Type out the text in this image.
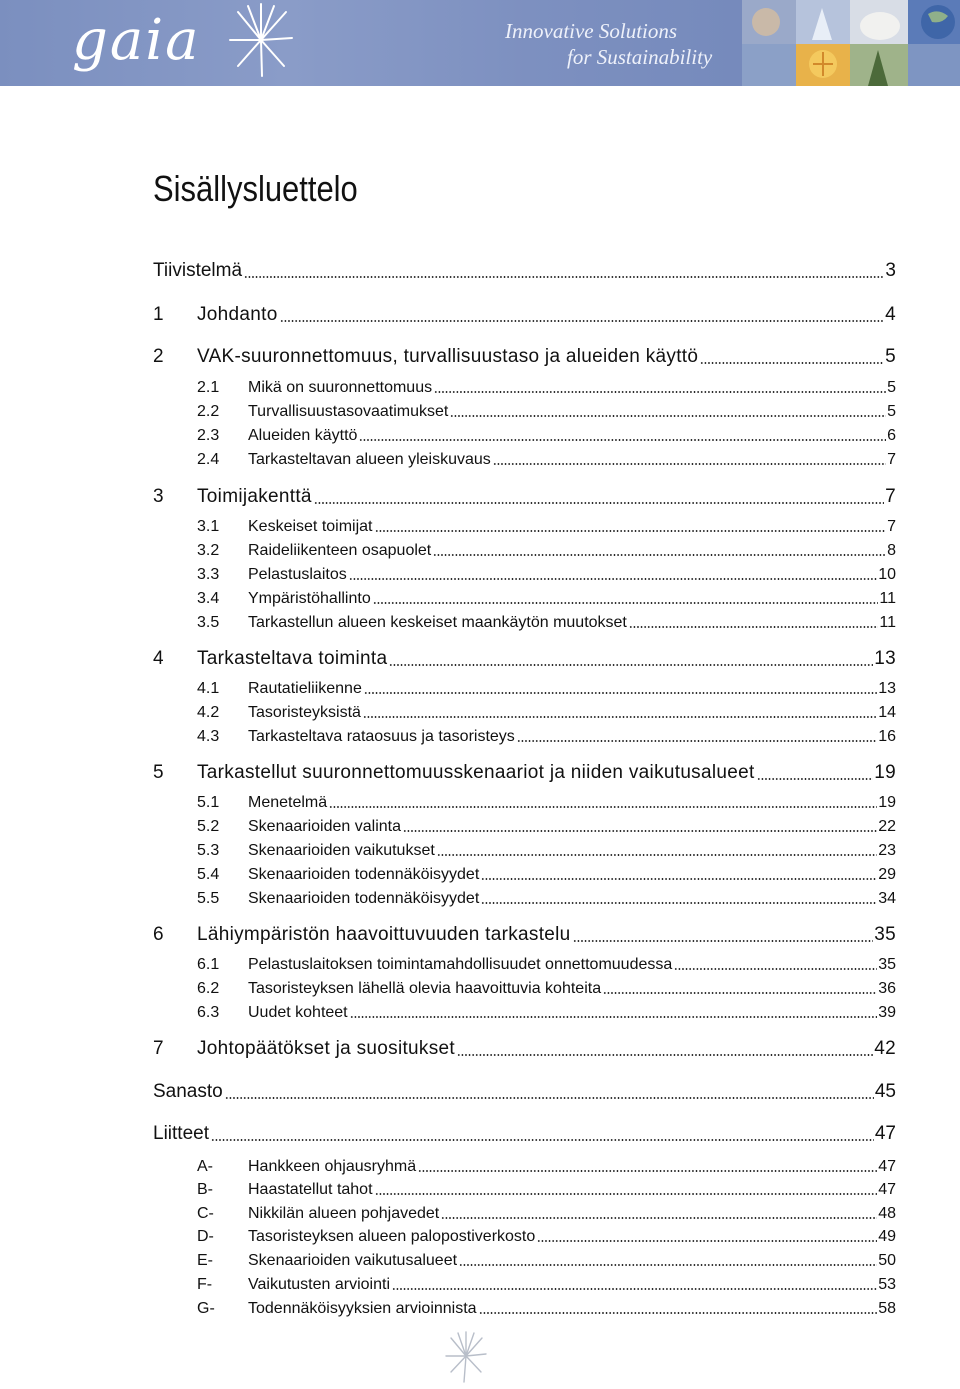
gaia	Innovative Solutions
for Sustainability
Sisällysluettelo
Tiivistelmä	3
1	Johdanto	4
2	VAK-suuronnettomuus, turvallisuustaso ja alueiden käyttö	5
2.1	Mikä on suuronnettomuus	5
2.2	Turvallisuustasovaatimukset	5
2.3	Alueiden käyttö	6
2.4	Tarkasteltavan alueen yleiskuvaus	7
3	Toimijakenttä	7
3.1	Keskeiset toimijat	7
3.2	Raideliikenteen osapuolet	8
3.3	Pelastuslaitos	10
3.4	Ympäristöhallinto	11
3.5	Tarkastellun alueen keskeiset maankäytön muutokset	11
4	Tarkasteltava toiminta	13
4.1	Rautatieliikenne	13
4.2	Tasoristeyksistä	14
4.3	Tarkasteltava rataosuus ja tasoristeys	16
5	Tarkastellut suuronnettomuusskenaariot ja niiden vaikutusalueet	19
5.1	Menetelmä	19
5.2	Skenaarioiden valinta	22
5.3	Skenaarioiden vaikutukset	23
5.4	Skenaarioiden todennäköisyydet	29
5.5	Skenaarioiden todennäköisyydet	34
6	Lähiympäristön haavoittuvuuden tarkastelu	35
6.1	Pelastuslaitoksen toimintamahdollisuudet onnettomuudessa	35
6.2	Tasoristeyksen lähellä olevia haavoittuvia kohteita	36
6.3	Uudet kohteet	39
7	Johtopäätökset ja suositukset	42
Sanasto	45
Liitteet	47
A-	Hankkeen ohjausryhmä	47
B-	Haastatellut tahot	47
C-	Nikkilän alueen pohjavedet	48
D-	Tasoristeyksen alueen palopostiverkosto	49
E-	Skenaarioiden vaikutusalueet	50
F-	Vaikutusten arviointi	53
G-	Todennäköisyyksien arvioinnista	58
